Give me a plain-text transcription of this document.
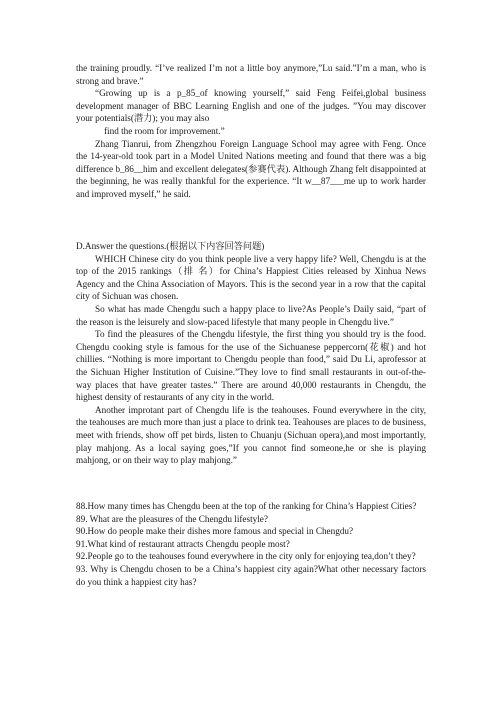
the training proudly. “I’ve realized I’m not a little boy anymore,”Lu said.”I’m a man, who is strong and brave.”

“Growing up is a p_85_of knowing yourself,” said Feng Feifei,global business development manager of BBC Learning English and one of the judges. ”You may discover your potentials(潜力); you may also

find the room for improvement.”

Zhang Tianrui, from Zhengzhou Foreign Language School may agree with Feng. Once the 14-year-old took part in a Model United Nations meeting and found that there was a big difference b_86__him and excellent delegates(参赛代表). Although Zhang felt disappointed at the beginning, he was really thankful for the experience. “It w__87___me up to work harder and improved myself,” he said.

D.Answer the questions.(根据以下内容回答问题)

WHICH Chinese city do you think people live a very happy life? Well, Chengdu is at the top of the 2015 rankings（排 名）for China’s Happiest Cities released by Xinhua News Agency and the China Association of Mayors. This is the second year in a row that the capital city of Sichuan was chosen.

So what has made Chengdu such a happy place to live?As People’s Daily said, “part of the reason is the leisurely and slow-paced lifestyle that many people in Chengdu live.”

To find the pleasures of the Chengdu lifestyle, the first thing you should try is the food. Chengdu cooking style is famous for the use of the Sichuanese peppercorn(花椒) and hot chillies. “Nothing is more important to Chengdu people than food,” said Du Li, aprofessor at the Sichuan Higher Institution of Cuisine.”They love to find small restaurants in out-of-the-way places that have greater tastes.” There are around 40,000 restaurants in Chengdu, the highest density of restaurants of any city in the world.

Another improtant part of Chengdu life is the teahouses. Found everywhere in the city, the teahouses are much more than just a place to drink tea. Teahouses are places to de business, meet with friends, show off pet birds, listen to Chuanju (Sichuan opera),and most importantly, play mahjong. As a local saying goes,”If you cannot find someone,he or she is playing mahjong, or on their way to play mahjong.”

88.How many times has Chengdu been at the top of the ranking for China’s Happiest Cities?

89. What are the pleasures of the Chengdu lifestyle?

90.How do people make their dishes more famous and special in Chengdu?

91.What kind of restaurant attracts Chengdu people most?

92.People go to the teahouses found everywhere in the city only for enjoying tea,don’t they?

93. Why is Chengdu chosen to be a China’s happiest city again?What other necessary factors do you think a happiest city has?
